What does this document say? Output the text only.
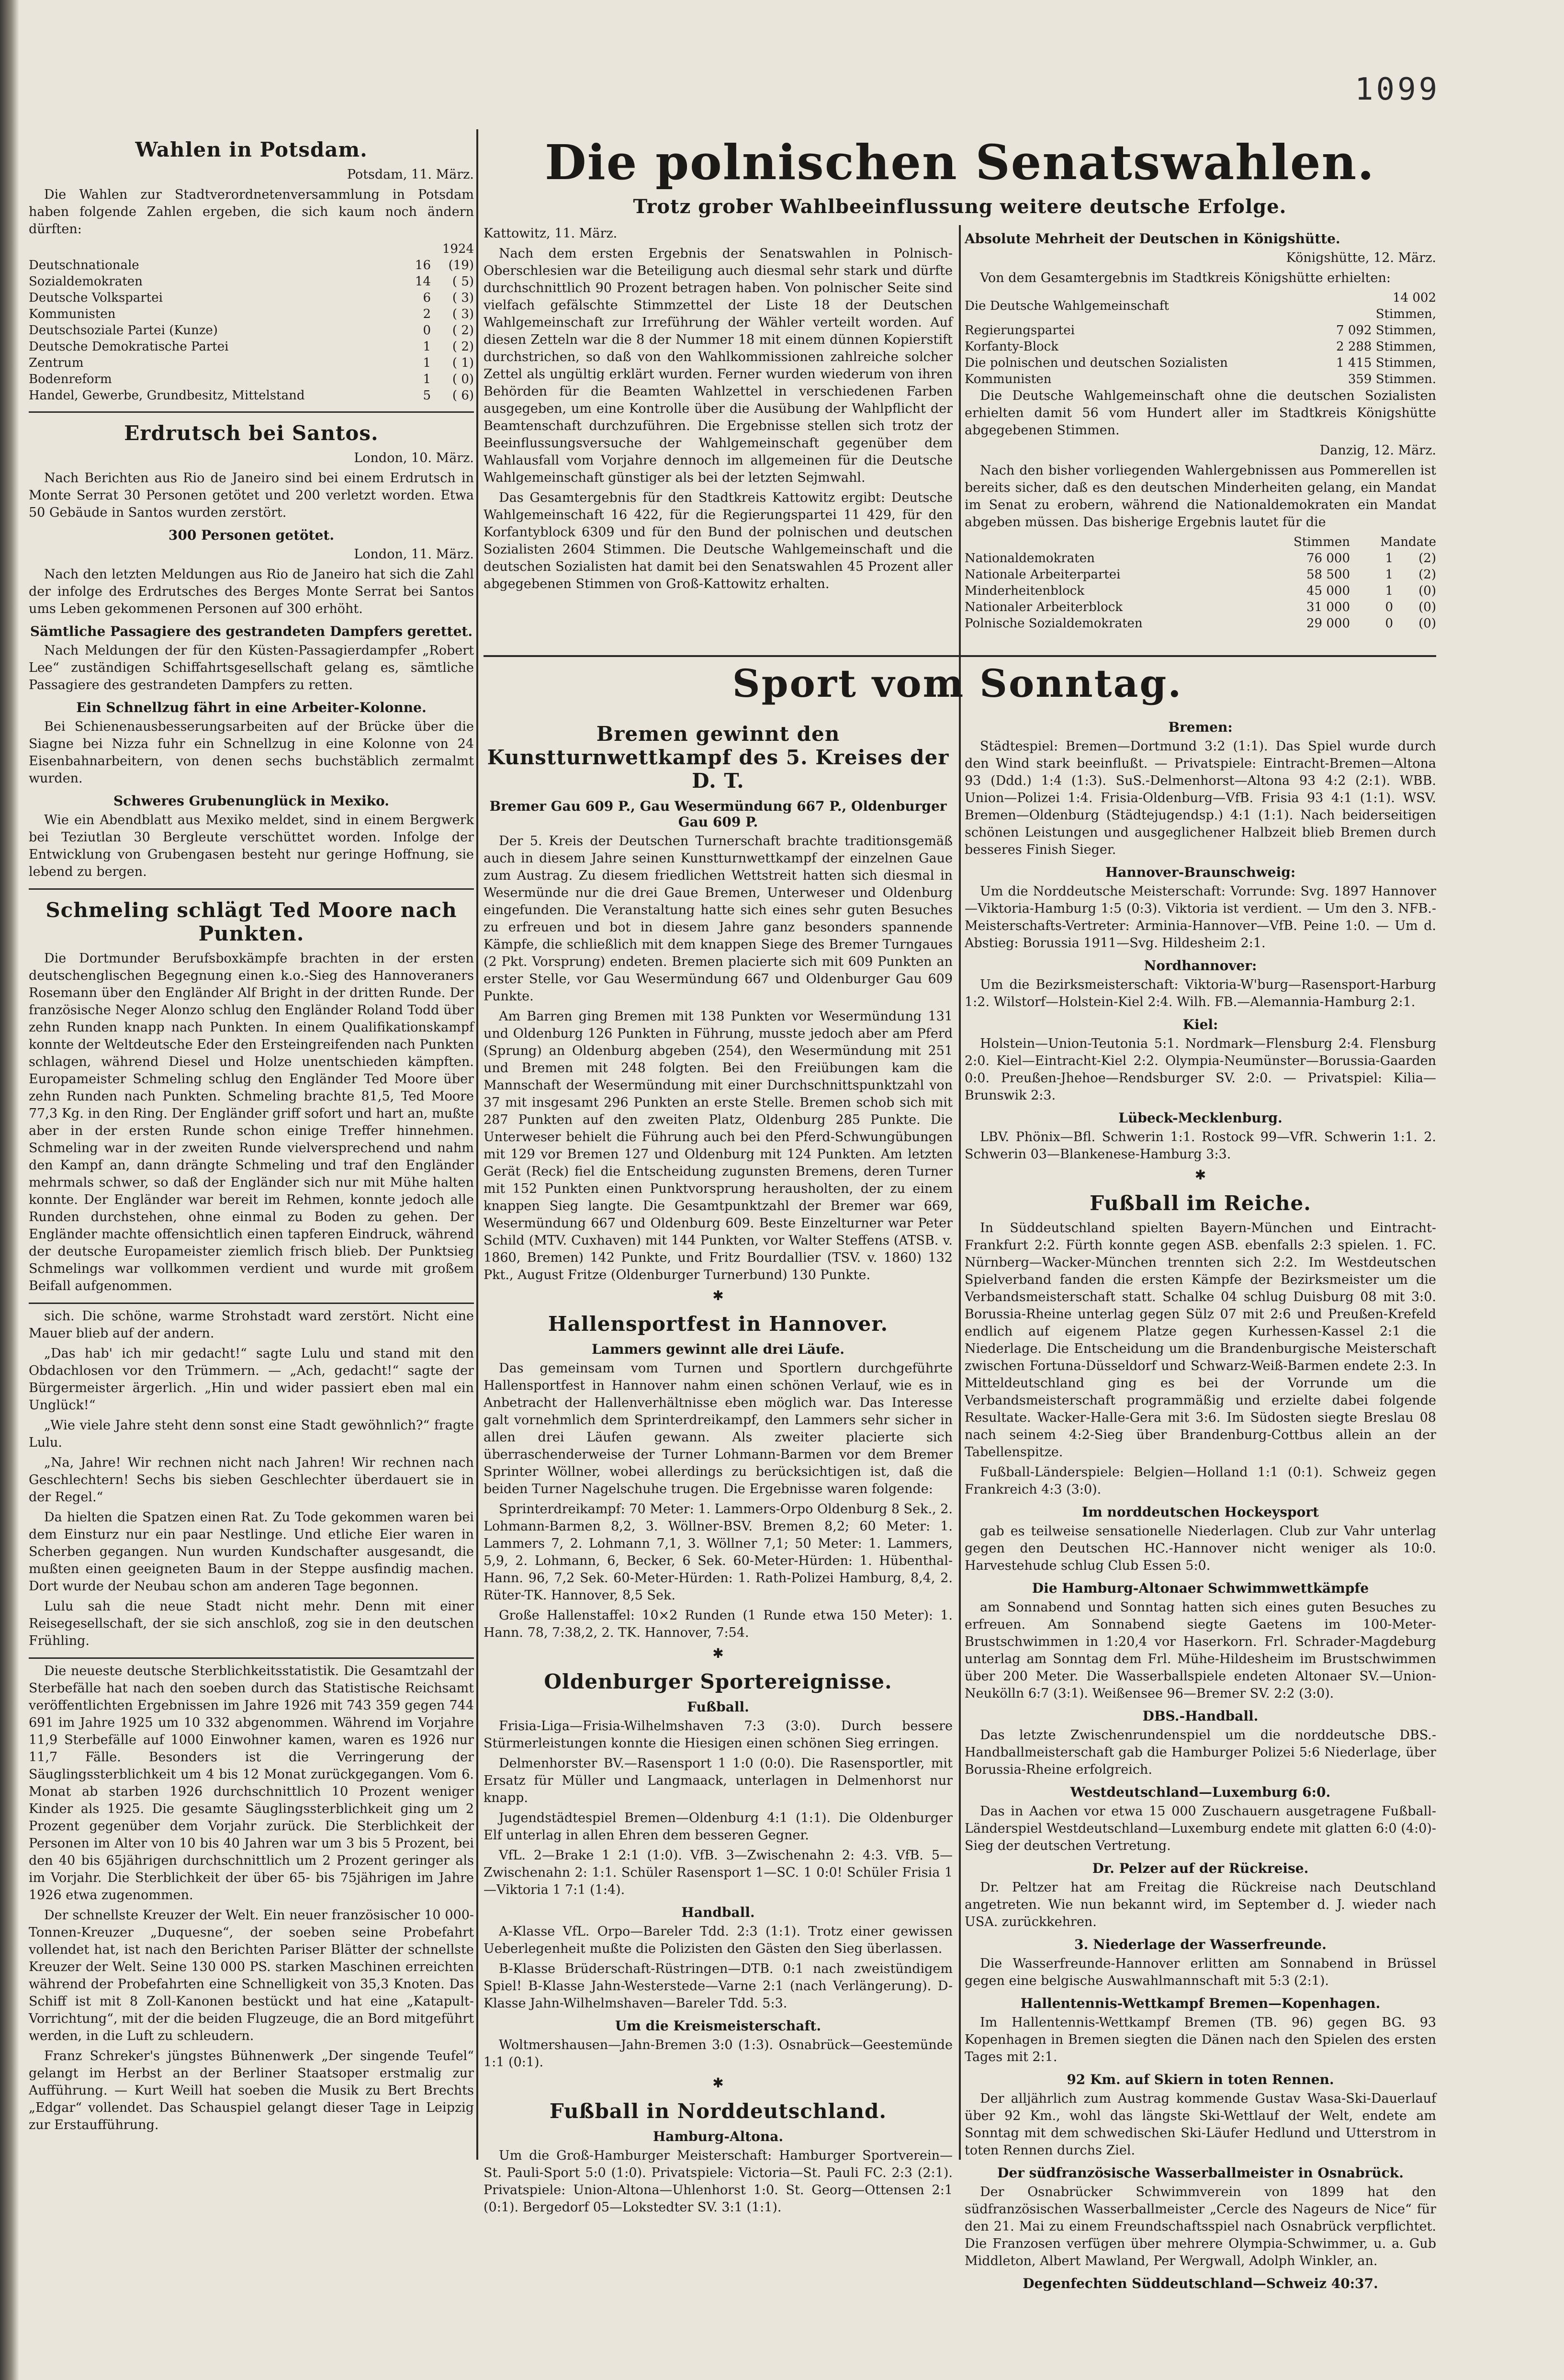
1099
Die polnischen Senatswahlen.
Trotz grober Wahlbeeinflussung weitere deutsche Erfolge.
Wahlen in Potsdam.

Potsdam, 11. März.

Die Wahlen zur Stadtverordnetenversammlung in Potsdam haben folgende Zahlen ergeben, die sich kaum noch ändern dürften:

		1924
Deutschnationale	16	(19)
Sozialdemokraten	14	( 5)
Deutsche Volkspartei	6	( 3)
Kommunisten	2	( 3)
Deutschsoziale Partei (Kunze)	0	( 2)
Deutsche Demokratische Partei	1	( 2)
Zentrum	1	( 1)
Bodenreform	1	( 0)
Handel, Gewerbe, Grundbesitz, Mittelstand	5	( 6)
Erdrutsch bei Santos.

London, 10. März.

Nach Berichten aus Rio de Janeiro sind bei einem Erdrutsch in Monte Serrat 30 Personen getötet und 200 verletzt worden. Etwa 50 Gebäude in Santos wurden zerstört.

300 Personen getötet.

London, 11. März.

Nach den letzten Meldungen aus Rio de Janeiro hat sich die Zahl der infolge des Erdrutsches des Berges Monte Serrat bei Santos ums Leben gekommenen Personen auf 300 erhöht.

Sämtliche Passagiere des gestrandeten Dampfers gerettet.

Nach Meldungen der für den Küsten-Passagierdampfer „Robert Lee“ zuständigen Schiffahrtsgesellschaft gelang es, sämtliche Passagiere des gestrandeten Dampfers zu retten.

Ein Schnellzug fährt in eine Arbeiter-Kolonne.

Bei Schienenausbesserungsarbeiten auf der Brücke über die Siagne bei Nizza fuhr ein Schnellzug in eine Kolonne von 24 Eisenbahnarbeitern, von denen sechs buchstäblich zermalmt wurden.

Schweres Grubenunglück in Mexiko.

Wie ein Abendblatt aus Mexiko meldet, sind in einem Bergwerk bei Teziutlan 30 Bergleute verschüttet worden. Infolge der Entwicklung von Grubengasen besteht nur geringe Hoffnung, sie lebend zu bergen.

Schmeling schlägt Ted Moore nach Punkten.

Die Dortmunder Berufsboxkämpfe brachten in der ersten deutschenglischen Begegnung einen k.o.-Sieg des Hannoveraners Rosemann über den Engländer Alf Bright in der dritten Runde. Der französische Neger Alonzo schlug den Engländer Roland Todd über zehn Runden knapp nach Punkten. In einem Qualifikationskampf konnte der Weltdeutsche Eder den Ersteingreifenden nach Punkten schlagen, während Diesel und Holze unentschieden kämpften. Europameister Schmeling schlug den Engländer Ted Moore über zehn Runden nach Punkten. Schmeling brachte 81,5, Ted Moore 77,3 Kg. in den Ring. Der Engländer griff sofort und hart an, mußte aber in der ersten Runde schon einige Treffer hinnehmen. Schmeling war in der zweiten Runde vielversprechend und nahm den Kampf an, dann drängte Schmeling und traf den Engländer mehrmals schwer, so daß der Engländer sich nur mit Mühe halten konnte. Der Engländer war bereit im Rehmen, konnte jedoch alle Runden durchstehen, ohne einmal zu Boden zu gehen. Der Engländer machte offensichtlich einen tapferen Eindruck, während der deutsche Europameister ziemlich frisch blieb. Der Punktsieg Schmelings war vollkommen verdient und wurde mit großem Beifall aufgenommen.

sich. Die schöne, warme Strohstadt ward zerstört. Nicht eine Mauer blieb auf der andern.

„Das hab' ich mir gedacht!“ sagte Lulu und stand mit den Obdachlosen vor den Trümmern. — „Ach, gedacht!“ sagte der Bürgermeister ärgerlich. „Hin und wider passiert eben mal ein Unglück!“

„Wie viele Jahre steht denn sonst eine Stadt gewöhnlich?“ fragte Lulu.

„Na, Jahre! Wir rechnen nicht nach Jahren! Wir rechnen nach Geschlechtern! Sechs bis sieben Geschlechter überdauert sie in der Regel.“

Da hielten die Spatzen einen Rat. Zu Tode gekommen waren bei dem Einsturz nur ein paar Nestlinge. Und etliche Eier waren in Scherben gegangen. Nun wurden Kundschafter ausgesandt, die mußten einen geeigneten Baum in der Steppe ausfindig machen. Dort wurde der Neubau schon am anderen Tage begonnen.

Lulu sah die neue Stadt nicht mehr. Denn mit einer Reisegesellschaft, der sie sich anschloß, zog sie in den deutschen Frühling.

Die neueste deutsche Sterblichkeitsstatistik. Die Gesamtzahl der Sterbefälle hat nach den soeben durch das Statistische Reichsamt veröffentlichten Ergebnissen im Jahre 1926 mit 743 359 gegen 744 691 im Jahre 1925 um 10 332 abgenommen. Während im Vorjahre 11,9 Sterbefälle auf 1000 Einwohner kamen, waren es 1926 nur 11,7 Fälle. Besonders ist die Verringerung der Säuglingssterblichkeit um 4 bis 12 Monat zurückgegangen. Vom 6. Monat ab starben 1926 durchschnittlich 10 Prozent weniger Kinder als 1925. Die gesamte Säuglingssterblichkeit ging um 2 Prozent gegenüber dem Vorjahr zurück. Die Sterblichkeit der Personen im Alter von 10 bis 40 Jahren war um 3 bis 5 Prozent, bei den 40 bis 65jährigen durchschnittlich um 2 Prozent geringer als im Vorjahr. Die Sterblichkeit der über 65- bis 75jährigen im Jahre 1926 etwa zugenommen.

Der schnellste Kreuzer der Welt. Ein neuer französischer 10 000-Tonnen-Kreuzer „Duquesne“, der soeben seine Probefahrt vollendet hat, ist nach den Berichten Pariser Blätter der schnellste Kreuzer der Welt. Seine 130 000 PS. starken Maschinen erreichten während der Probefahrten eine Schnelligkeit von 35,3 Knoten. Das Schiff ist mit 8 Zoll-Kanonen bestückt und hat eine „Katapult-Vorrichtung“, mit der die beiden Flugzeuge, die an Bord mitgeführt werden, in die Luft zu schleudern.

Franz Schreker's jüngstes Bühnenwerk „Der singende Teufel“ gelangt im Herbst an der Berliner Staatsoper erstmalig zur Aufführung. — Kurt Weill hat soeben die Musik zu Bert Brechts „Edgar“ vollendet. Das Schauspiel gelangt dieser Tage in Leipzig zur Erstaufführung.

Kattowitz, 11. März.

Nach dem ersten Ergebnis der Senatswahlen in Polnisch-Oberschlesien war die Beteiligung auch diesmal sehr stark und dürfte durchschnittlich 90 Prozent betragen haben. Von polnischer Seite sind vielfach gefälschte Stimmzettel der Liste 18 der Deutschen Wahlgemeinschaft zur Irreführung der Wähler verteilt worden. Auf diesen Zetteln war die 8 der Nummer 18 mit einem dünnen Kopierstift durchstrichen, so daß von den Wahlkommissionen zahlreiche solcher Zettel als ungültig erklärt wurden. Ferner wurden wiederum von ihren Behörden für die Beamten Wahlzettel in verschiedenen Farben ausgegeben, um eine Kontrolle über die Ausübung der Wahlpflicht der Beamtenschaft durchzuführen. Die Ergebnisse stellen sich trotz der Beeinflussungsversuche der Wahlgemeinschaft gegenüber dem Wahlausfall vom Vorjahre dennoch im allgemeinen für die Deutsche Wahlgemeinschaft günstiger als bei der letzten Sejmwahl.

Das Gesamtergebnis für den Stadtkreis Kattowitz ergibt: Deutsche Wahlgemeinschaft 16 422, für die Regierungspartei 11 429, für den Korfantyblock 6309 und für den Bund der polnischen und deutschen Sozialisten 2604 Stimmen. Die Deutsche Wahlgemeinschaft und die deutschen Sozialisten hat damit bei den Senatswahlen 45 Prozent aller abgegebenen Stimmen von Groß-Kattowitz erhalten.

Absolute Mehrheit der Deutschen in Königshütte.

Königshütte, 12. März.

Von dem Gesamtergebnis im Stadtkreis Königshütte erhielten:

Die Deutsche Wahlgemeinschaft	14 002 Stimmen,
Regierungspartei	7 092 Stimmen,
Korfanty-Block	2 288 Stimmen,
Die polnischen und deutschen Sozialisten	1 415 Stimmen,
Kommunisten	359 Stimmen.

Die Deutsche Wahlgemeinschaft ohne die deutschen Sozialisten erhielten damit 56 vom Hundert aller im Stadtkreis Königshütte abgegebenen Stimmen.

Danzig, 12. März.

Nach den bisher vorliegenden Wahlergebnissen aus Pommerellen ist bereits sicher, daß es den deutschen Minderheiten gelang, ein Mandat im Senat zu erobern, während die Nationaldemokraten ein Mandat abgeben müssen. Das bisherige Ergebnis lautet für die

	Stimmen	Mandate	
Nationaldemokraten	76 000	1	(2)
Nationale Arbeiterpartei	58 500	1	(2)
Minderheitenblock	45 000	1	(0)
Nationaler Arbeiterblock	31 000	0	(0)
Polnische Sozialdemokraten	29 000	0	(0)
Sport vom Sonntag.
Bremen gewinnt den Kunstturnwettkampf des 5. Kreises der D. T.
Bremer Gau 609 P., Gau Wesermündung 667 P., Oldenburger Gau 609 P.

Der 5. Kreis der Deutschen Turnerschaft brachte traditionsgemäß auch in diesem Jahre seinen Kunstturnwettkampf der einzelnen Gaue zum Austrag. Zu diesem friedlichen Wettstreit hatten sich diesmal in Wesermünde nur die drei Gaue Bremen, Unterweser und Oldenburg eingefunden. Die Veranstaltung hatte sich eines sehr guten Besuches zu erfreuen und bot in diesem Jahre ganz besonders spannende Kämpfe, die schließlich mit dem knappen Siege des Bremer Turngaues (2 Pkt. Vorsprung) endeten. Bremen placierte sich mit 609 Punkten an erster Stelle, vor Gau Wesermündung 667 und Oldenburger Gau 609 Punkte.

Am Barren ging Bremen mit 138 Punkten vor Wesermündung 131 und Oldenburg 126 Punkten in Führung, musste jedoch aber am Pferd (Sprung) an Oldenburg abgeben (254), den Wesermündung mit 251 und Bremen mit 248 folgten. Bei den Freiübungen kam die Mannschaft der Wesermündung mit einer Durchschnittspunktzahl von 37 mit insgesamt 296 Punkten an erste Stelle. Bremen schob sich mit 287 Punkten auf den zweiten Platz, Oldenburg 285 Punkte. Die Unterweser behielt die Führung auch bei den Pferd-Schwungübungen mit 129 vor Bremen 127 und Oldenburg mit 124 Punkten. Am letzten Gerät (Reck) fiel die Entscheidung zugunsten Bremens, deren Turner mit 152 Punkten einen Punktvorsprung herausholten, der zu einem knappen Sieg langte. Die Gesamtpunktzahl der Bremer war 669, Wesermündung 667 und Oldenburg 609. Beste Einzelturner war Peter Schild (MTV. Cuxhaven) mit 144 Punkten, vor Walter Steffens (ATSB. v. 1860, Bremen) 142 Punkte, und Fritz Bourdallier (TSV. v. 1860) 132 Pkt., August Fritze (Oldenburger Turnerbund) 130 Punkte.

✱
Hallensportfest in Hannover.
Lammers gewinnt alle drei Läufe.

Das gemeinsam vom Turnen und Sportlern durchgeführte Hallensportfest in Hannover nahm einen schönen Verlauf, wie es in Anbetracht der Hallenverhältnisse eben möglich war. Das Interesse galt vornehmlich dem Sprinterdreikampf, den Lammers sehr sicher in allen drei Läufen gewann. Als zweiter placierte sich überraschenderweise der Turner Lohmann-Barmen vor dem Bremer Sprinter Wöllner, wobei allerdings zu berücksichtigen ist, daß die beiden Turner Nagelschuhe trugen. Die Ergebnisse waren folgende:

Sprinterdreikampf: 70 Meter: 1. Lammers-Orpo Oldenburg 8 Sek., 2. Lohmann-Barmen 8,2, 3. Wöllner-BSV. Bremen 8,2; 60 Meter: 1. Lammers 7, 2. Lohmann 7,1, 3. Wöllner 7,1; 50 Meter: 1. Lammers, 5,9, 2. Lohmann, 6, Becker, 6 Sek. 60-Meter-Hürden: 1. Hübenthal-Hann. 96, 7,2 Sek. 60-Meter-Hürden: 1. Rath-Polizei Hamburg, 8,4, 2. Rüter-TK. Hannover, 8,5 Sek.

Große Hallenstaffel: 10×2 Runden (1 Runde etwa 150 Meter): 1. Hann. 78, 7:38,2, 2. TK. Hannover, 7:54.

✱
Oldenburger Sportereignisse.
Fußball.

Frisia-Liga—Frisia-Wilhelmshaven 7:3 (3:0). Durch bessere Stürmerleistungen konnte die Hiesigen einen schönen Sieg erringen.

Delmenhorster BV.—Rasensport 1 1:0 (0:0). Die Rasensportler, mit Ersatz für Müller und Langmaack, unterlagen in Delmenhorst nur knapp.

Jugendstädtespiel Bremen—Oldenburg 4:1 (1:1). Die Oldenburger Elf unterlag in allen Ehren dem besseren Gegner.

VfL. 2—Brake 1 2:1 (1:0). VfB. 3—Zwischenahn 2: 4:3. VfB. 5—Zwischenahn 2: 1:1. Schüler Rasensport 1—SC. 1 0:0! Schüler Frisia 1—Viktoria 1 7:1 (1:4).

Handball.

A-Klasse VfL. Orpo—Bareler Tdd. 2:3 (1:1). Trotz einer gewissen Ueberlegenheit mußte die Polizisten den Gästen den Sieg überlassen.

B-Klasse Brüderschaft-Rüstringen—DTB. 0:1 nach zweistündigem Spiel! B-Klasse Jahn-Westerstede—Varne 2:1 (nach Verlängerung). D-Klasse Jahn-Wilhelmshaven—Bareler Tdd. 5:3.

Um die Kreismeisterschaft.

Woltmershausen—Jahn-Bremen 3:0 (1:3). Osnabrück—Geestemünde 1:1 (0:1).

✱
Fußball in Norddeutschland.
Hamburg-Altona.

Um die Groß-Hamburger Meisterschaft: Hamburger Sportverein—St. Pauli-Sport 5:0 (1:0). Privatspiele: Victoria—St. Pauli FC. 2:3 (2:1). Privatspiele: Union-Altona—Uhlenhorst 1:0. St. Georg—Ottensen 2:1 (0:1). Bergedorf 05—Lokstedter SV. 3:1 (1:1).

Bremen:

Städtespiel: Bremen—Dortmund 3:2 (1:1). Das Spiel wurde durch den Wind stark beeinflußt. — Privatspiele: Eintracht-Bremen—Altona 93 (Ddd.) 1:4 (1:3). SuS.-Delmenhorst—Altona 93 4:2 (2:1). WBB. Union—Polizei 1:4. Frisia-Oldenburg—VfB. Frisia 93 4:1 (1:1). WSV. Bremen—Oldenburg (Städtejugendsp.) 4:1 (1:1). Nach beiderseitigen schönen Leistungen und ausgeglichener Halbzeit blieb Bremen durch besseres Finish Sieger.

Hannover-Braunschweig:

Um die Norddeutsche Meisterschaft: Vorrunde: Svg. 1897 Hannover—Viktoria-Hamburg 1:5 (0:3). Viktoria ist verdient. — Um den 3. NFB.-Meisterschafts-Vertreter: Arminia-Hannover—VfB. Peine 1:0. — Um d. Abstieg: Borussia 1911—Svg. Hildesheim 2:1.

Nordhannover:

Um die Bezirksmeisterschaft: Viktoria-W'burg—Rasensport-Harburg 1:2. Wilstorf—Holstein-Kiel 2:4. Wilh. FB.—Alemannia-Hamburg 2:1.

Kiel:

Holstein—Union-Teutonia 5:1. Nordmark—Flensburg 2:4. Flensburg 2:0. Kiel—Eintracht-Kiel 2:2. Olympia-Neumünster—Borussia-Gaarden 0:0. Preußen-Jhehoe—Rendsburger SV. 2:0. — Privatspiel: Kilia—Brunswik 2:3.

Lübeck-Mecklenburg.

LBV. Phönix—Bfl. Schwerin 1:1. Rostock 99—VfR. Schwerin 1:1. 2. Schwerin 03—Blankenese-Hamburg 3:3.

✱
Fußball im Reiche.

In Süddeutschland spielten Bayern-München und Eintracht-Frankfurt 2:2. Fürth konnte gegen ASB. ebenfalls 2:3 spielen. 1. FC. Nürnberg—Wacker-München trennten sich 2:2. Im Westdeutschen Spielverband fanden die ersten Kämpfe der Bezirksmeister um die Verbandsmeisterschaft statt. Schalke 04 schlug Duisburg 08 mit 3:0. Borussia-Rheine unterlag gegen Sülz 07 mit 2:6 und Preußen-Krefeld endlich auf eigenem Platze gegen Kurhessen-Kassel 2:1 die Niederlage. Die Entscheidung um die Brandenburgische Meisterschaft zwischen Fortuna-Düsseldorf und Schwarz-Weiß-Barmen endete 2:3. In Mitteldeutschland ging es bei der Vorrunde um die Verbandsmeisterschaft programmäßig und erzielte dabei folgende Resultate. Wacker-Halle-Gera mit 3:6. Im Südosten siegte Breslau 08 nach seinem 4:2-Sieg über Brandenburg-Cottbus allein an der Tabellenspitze.

Fußball-Länderspiele: Belgien—Holland 1:1 (0:1). Schweiz gegen Frankreich 4:3 (3:0).

Im norddeutschen Hockeysport

gab es teilweise sensationelle Niederlagen. Club zur Vahr unterlag gegen den Deutschen HC.-Hannover nicht weniger als 10:0. Harvestehude schlug Club Essen 5:0.

Die Hamburg-Altonaer Schwimmwettkämpfe

am Sonnabend und Sonntag hatten sich eines guten Besuches zu erfreuen. Am Sonnabend siegte Gaetens im 100-Meter-Brustschwimmen in 1:20,4 vor Haserkorn. Frl. Schrader-Magdeburg unterlag am Sonntag dem Frl. Mühe-Hildesheim im Brustschwimmen über 200 Meter. Die Wasserballspiele endeten Altonaer SV.—Union-Neukölln 6:7 (3:1). Weißensee 96—Bremer SV. 2:2 (3:0).

DBS.-Handball.

Das letzte Zwischenrundenspiel um die norddeutsche DBS.-Handballmeisterschaft gab die Hamburger Polizei 5:6 Niederlage, über Borussia-Rheine erfolgreich.

Westdeutschland—Luxemburg 6:0.

Das in Aachen vor etwa 15 000 Zuschauern ausgetragene Fußball-Länderspiel Westdeutschland—Luxemburg endete mit glatten 6:0 (4:0)-Sieg der deutschen Vertretung.

Dr. Pelzer auf der Rückreise.

Dr. Peltzer hat am Freitag die Rückreise nach Deutschland angetreten. Wie nun bekannt wird, im September d. J. wieder nach USA. zurückkehren.

3. Niederlage der Wasserfreunde.

Die Wasserfreunde-Hannover erlitten am Sonnabend in Brüssel gegen eine belgische Auswahlmannschaft mit 5:3 (2:1).

Hallentennis-Wettkampf Bremen—Kopenhagen.

Im Hallentennis-Wettkampf Bremen (TB. 96) gegen BG. 93 Kopenhagen in Bremen siegten die Dänen nach den Spielen des ersten Tages mit 2:1.

92 Km. auf Skiern in toten Rennen.

Der alljährlich zum Austrag kommende Gustav Wasa-Ski-Dauerlauf über 92 Km., wohl das längste Ski-Wettlauf der Welt, endete am Sonntag mit dem schwedischen Ski-Läufer Hedlund und Utterstrom in toten Rennen durchs Ziel.

Der südfranzösische Wasserballmeister in Osnabrück.

Der Osnabrücker Schwimmverein von 1899 hat den südfranzösischen Wasserballmeister „Cercle des Nageurs de Nice“ für den 21. Mai zu einem Freundschaftsspiel nach Osnabrück verpflichtet. Die Franzosen verfügen über mehrere Olympia-Schwimmer, u. a. Gub Middleton, Albert Mawland, Per Wergwall, Adolph Winkler, an.

Degenfechten Süddeutschland—Schweiz 40:37.
